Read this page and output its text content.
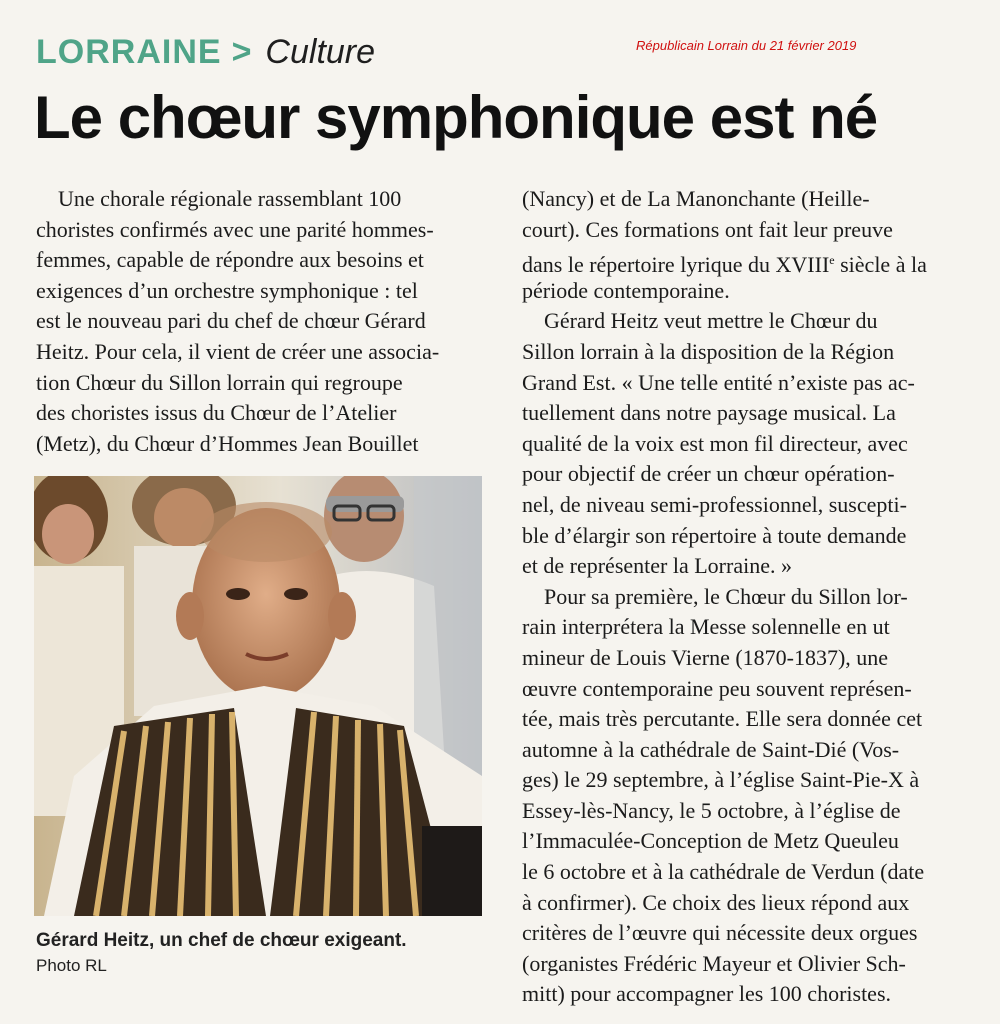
LORRAINE > Culture	Républicain Lorrain du 21 février 2019
Le chœur symphonique est né
 Une chorale régionale rassemblant 100
choristes confirmés avec une parité hommes-
femmes, capable de répondre aux besoins et
exigences d’un orchestre symphonique : tel
est le nouveau pari du chef de chœur Gérard
Heitz. Pour cela, il vient de créer une associa-
tion Chœur du Sillon lorrain qui regroupe
des choristes issus du Chœur de l’Atelier
(Metz), du Chœur d’Hommes Jean Bouillet
(Nancy) et de La Manonchante (Heille-
court). Ces formations ont fait leur preuve
dans le répertoire lyrique du XVIIIe siècle à la
période contemporaine.
 Gérard Heitz veut mettre le Chœur du
Sillon lorrain à la disposition de la Région
Grand Est. « Une telle entité n’existe pas ac-
tuellement dans notre paysage musical. La
qualité de la voix est mon fil directeur, avec
pour objectif de créer un chœur opération-
nel, de niveau semi-professionnel, suscepti-
ble d’élargir son répertoire à toute demande
et de représenter la Lorraine. »
 Pour sa première, le Chœur du Sillon lor-
rain interprétera la Messe solennelle en ut
mineur de Louis Vierne (1870-1837), une
œuvre contemporaine peu souvent représen-
tée, mais très percutante. Elle sera donnée cet
automne à la cathédrale de Saint-Dié (Vos-
ges) le 29 septembre, à l’église Saint-Pie-X à
Essey-lès-Nancy, le 5 octobre, à l’église de
l’Immaculée-Conception de Metz Queuleu
le 6 octobre et à la cathédrale de Verdun (date
à confirmer). Ce choix des lieux répond aux
critères de l’œuvre qui nécessite deux orgues
(organistes Frédéric Mayeur et Olivier Sch-
mitt) pour accompagner les 100 choristes.
Gérard Heitz, un chef de chœur exigeant.
Photo RL
